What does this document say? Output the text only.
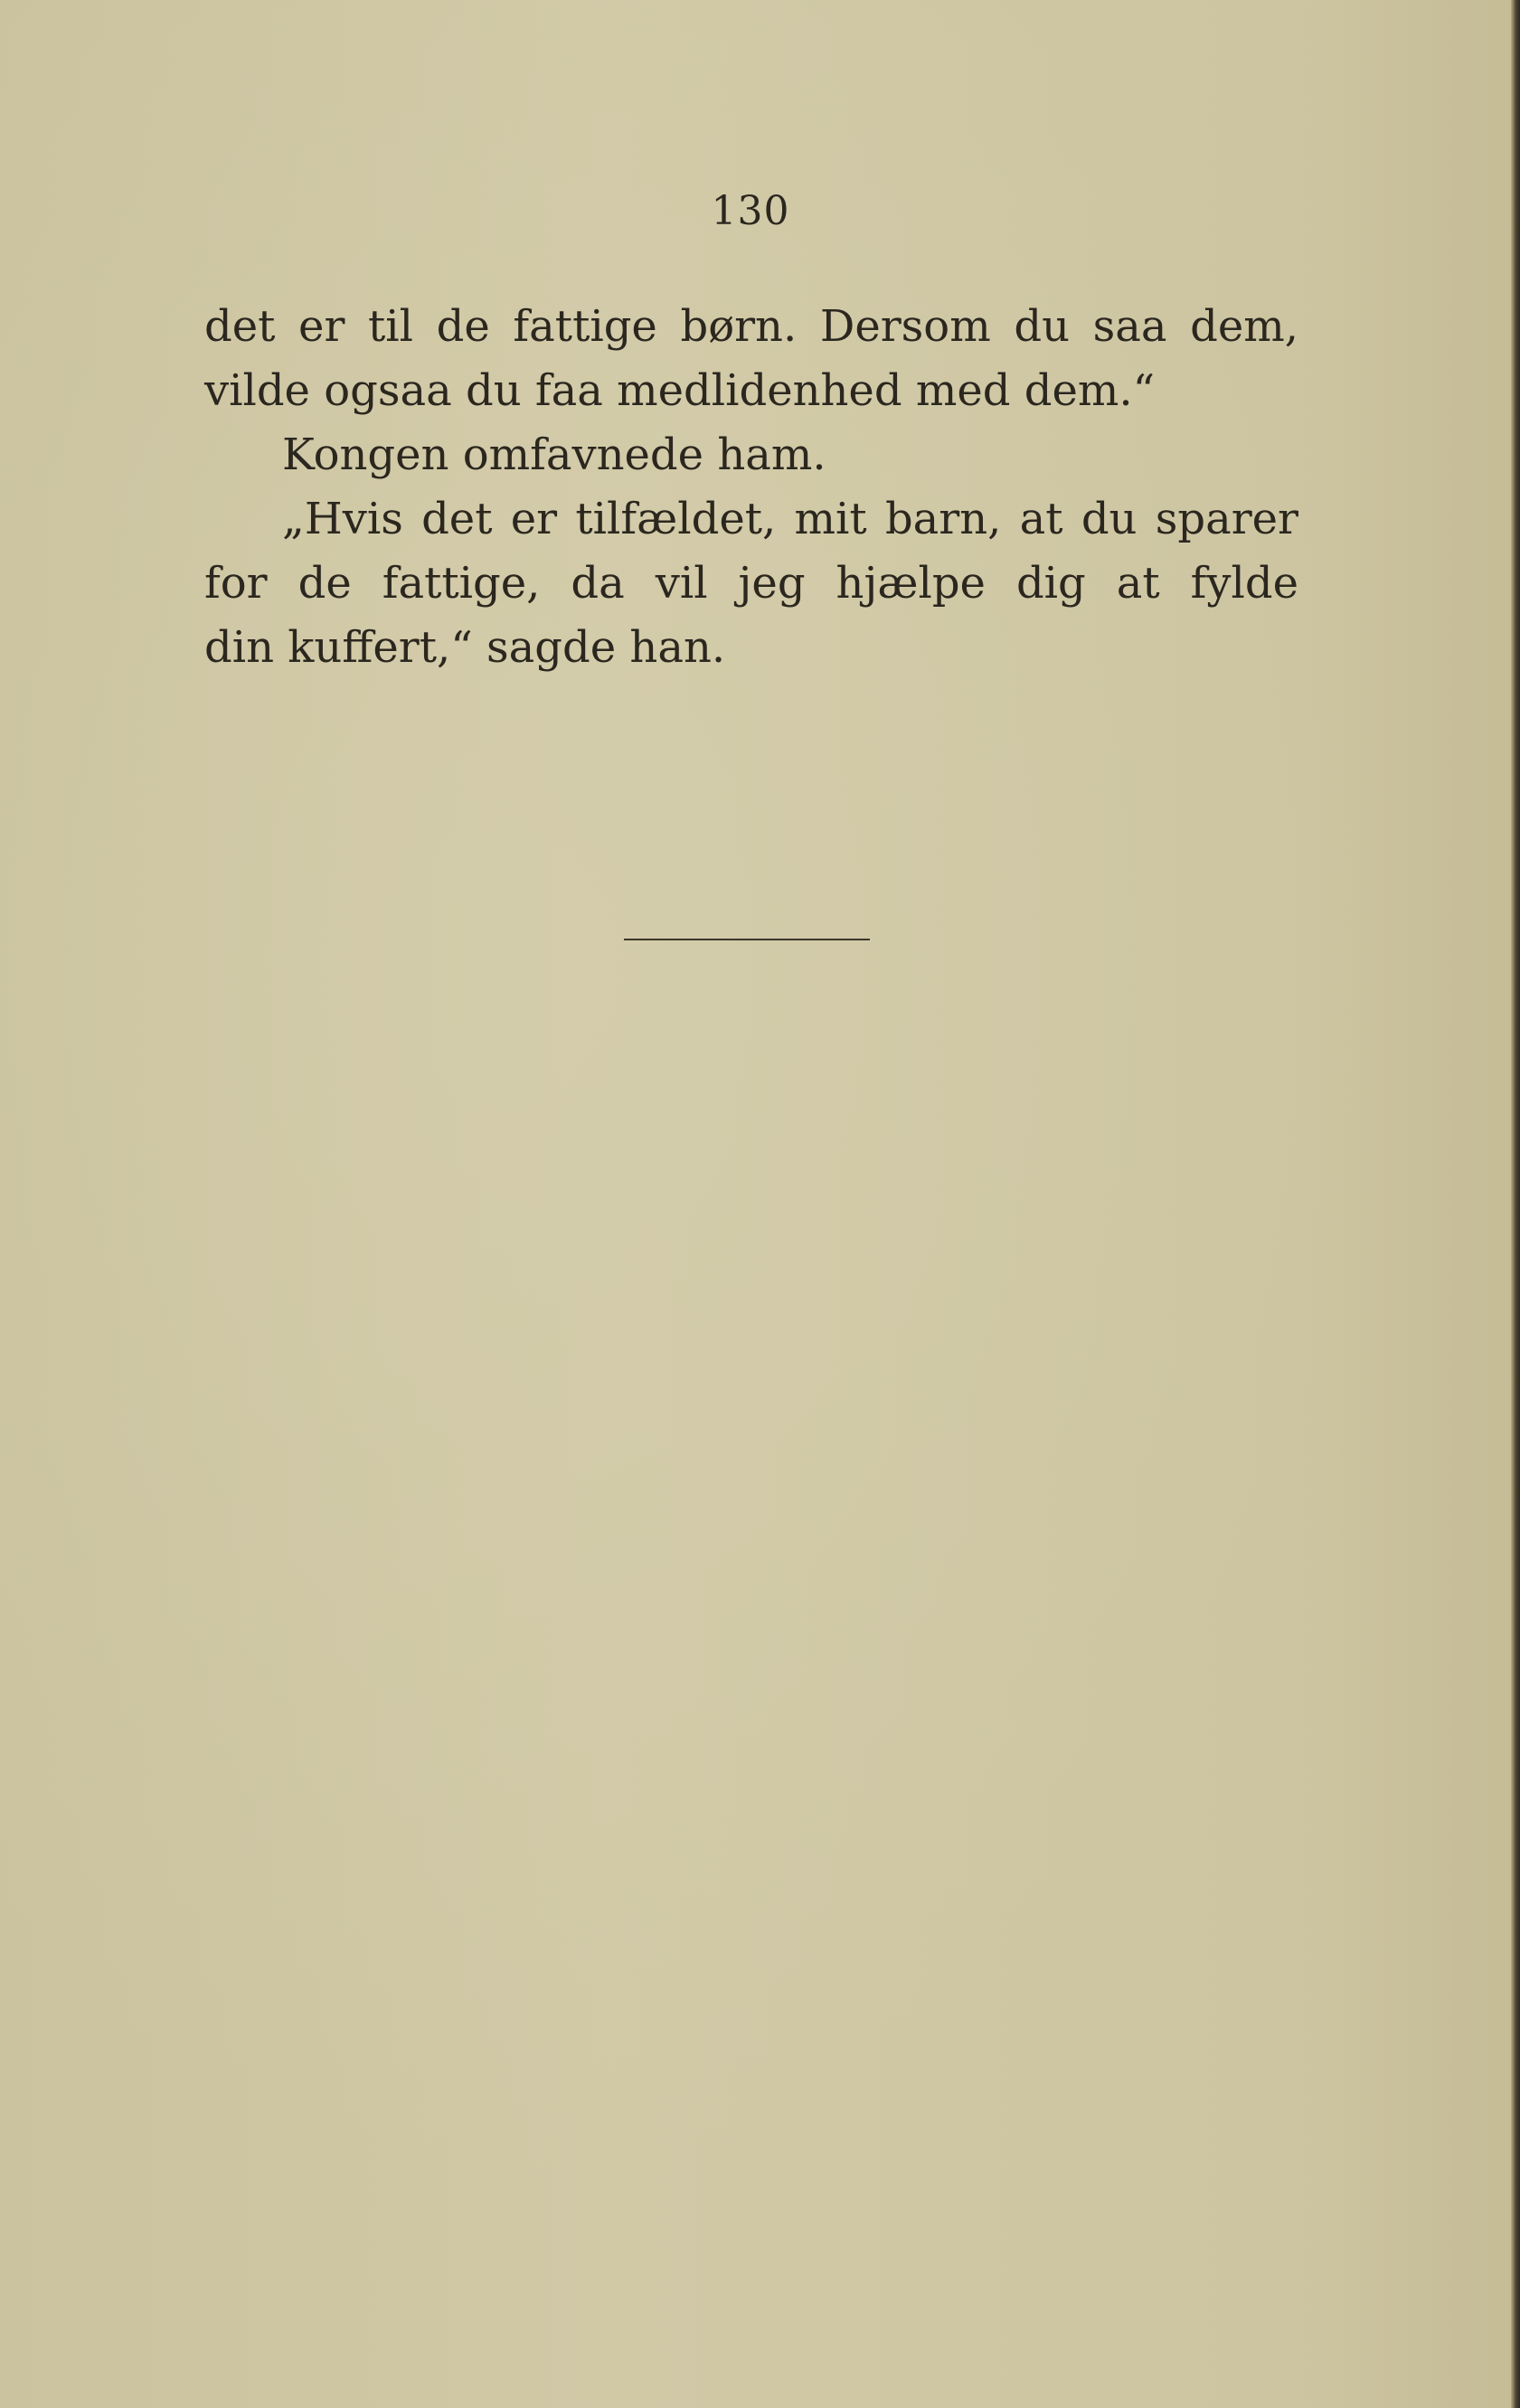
130
det er til de fattige børn. Dersom du saa dem,
vilde ogsaa du faa medlidenhed med dem.“
Kongen omfavnede ham.
„Hvis det er tilfældet, mit barn, at du sparer
for de fattige, da vil jeg hjælpe dig at fylde
din kuffert,“ sagde han.
